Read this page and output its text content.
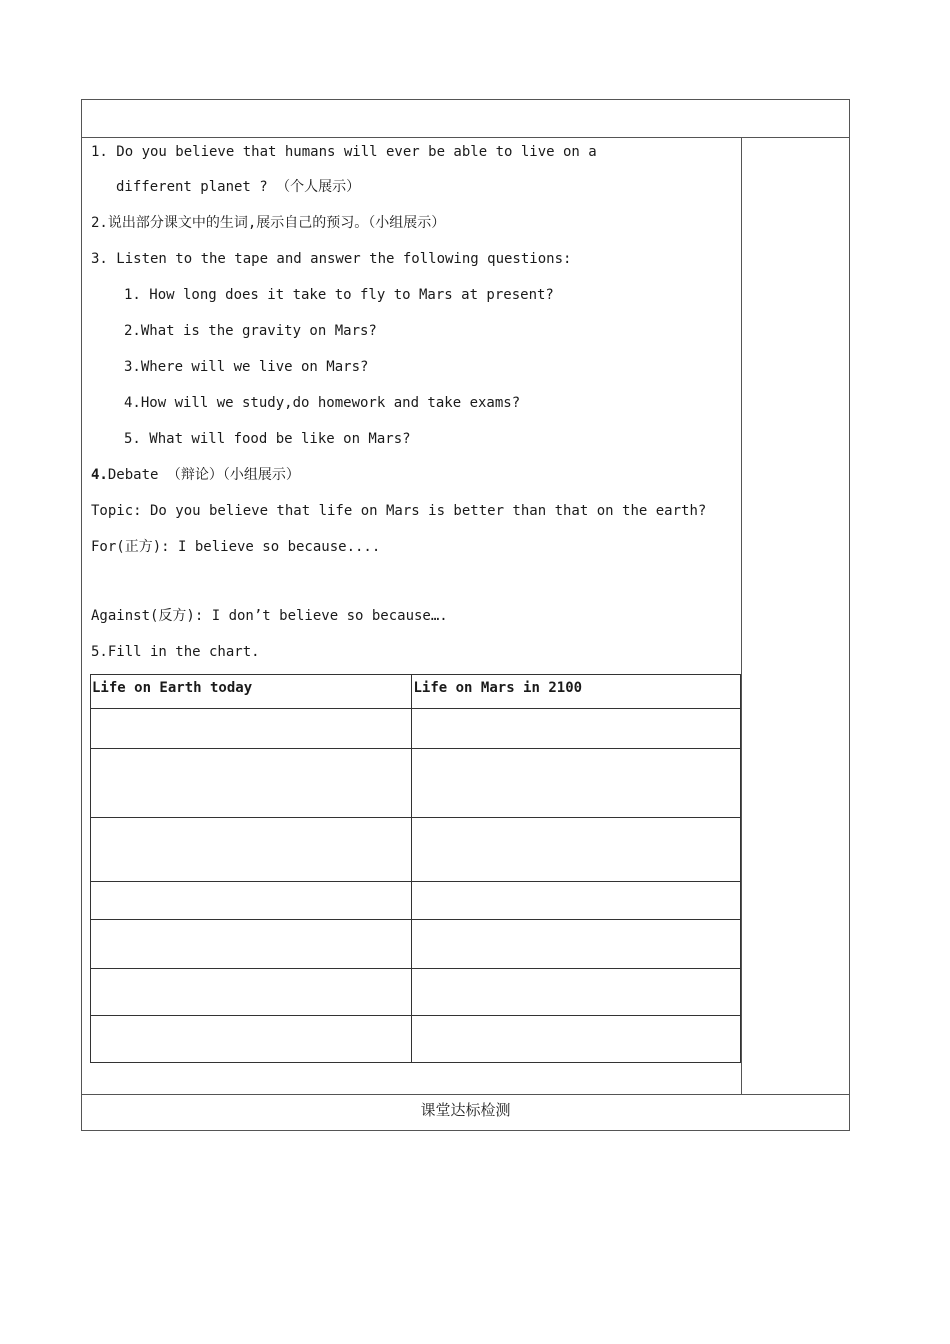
课堂达标检测
1. Do you believe that humans will ever be able to live on a
different planet ? （个人展示）
2.说出部分课文中的生词,展示自己的预习。（小组展示）
3. Listen to the tape and answer the following questions:
1. How long does it take to fly to Mars at present?
2.What is the gravity on Mars?
3.Where will we live on Mars?
4.How will we study,do homework and take exams?
5. What will food be like on Mars?
4.Debate （辩论）（小组展示）
Topic: Do you believe that life on Mars is better than that on the earth?
For(正方): I believe so because....
Against(反方): I don’t believe so because….
5.Fill in the chart.
Life on Earth today	Life on Mars in 2100
